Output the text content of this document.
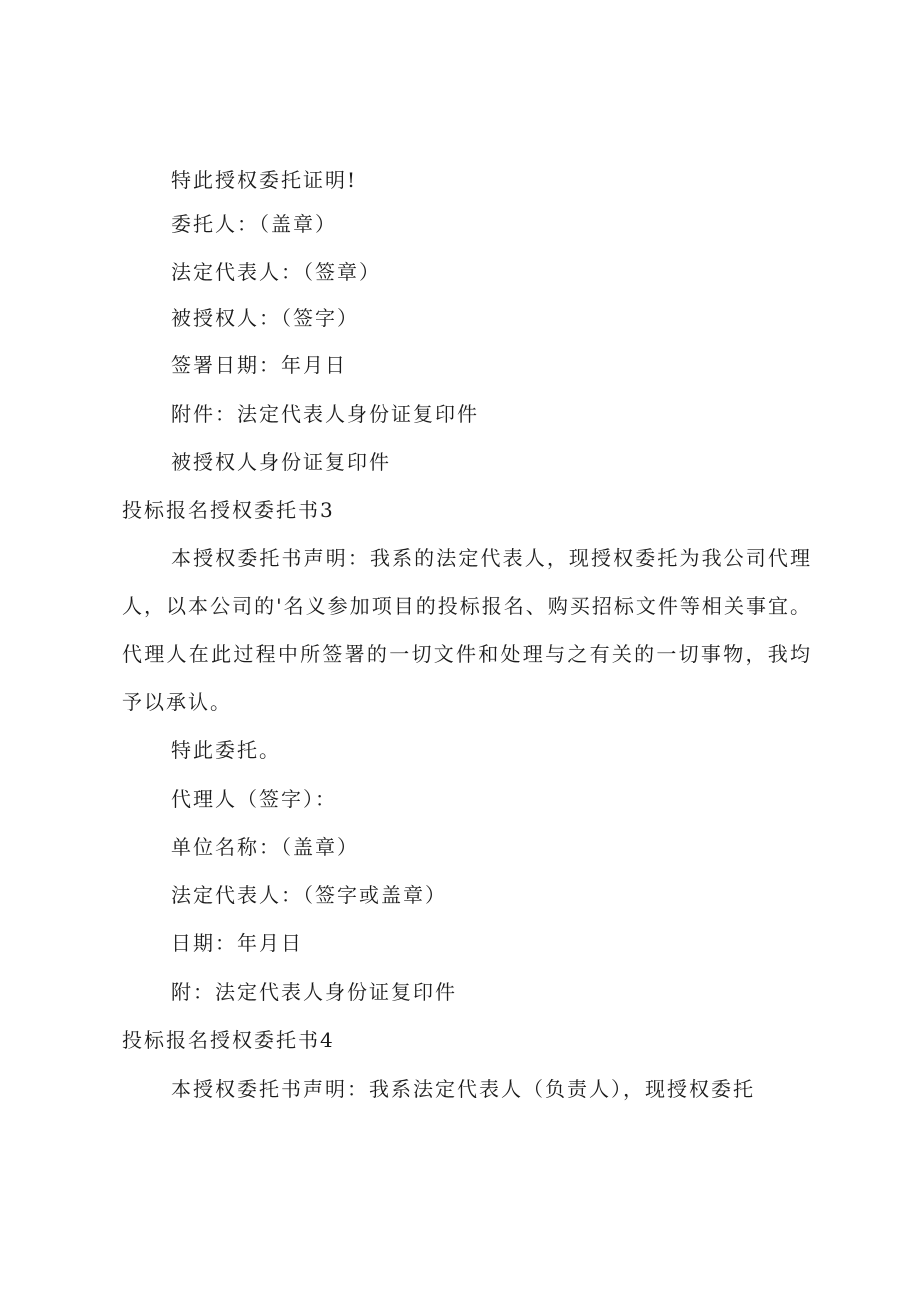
特此授权委托证明!
委托人：（盖章）
法定代表人：（签章）
被授权人：（签字）
签署日期：年月日
附件：法定代表人身份证复印件
被授权人身份证复印件
投标报名授权委托书3
本授权委托书声明：我系的法定代表人，现授权委托为我公司代理人，以本公司的'名义参加项目的投标报名、购买招标文件等相关事宜。代理人在此过程中所签署的一切文件和处理与之有关的一切事物，我均予以承认。
特此委托。
代理人（签字）：
单位名称：（盖章）
法定代表人：（签字或盖章）
日期：年月日
附：法定代表人身份证复印件
投标报名授权委托书4
本授权委托书声明：我系法定代表人（负责人），现授权委托
